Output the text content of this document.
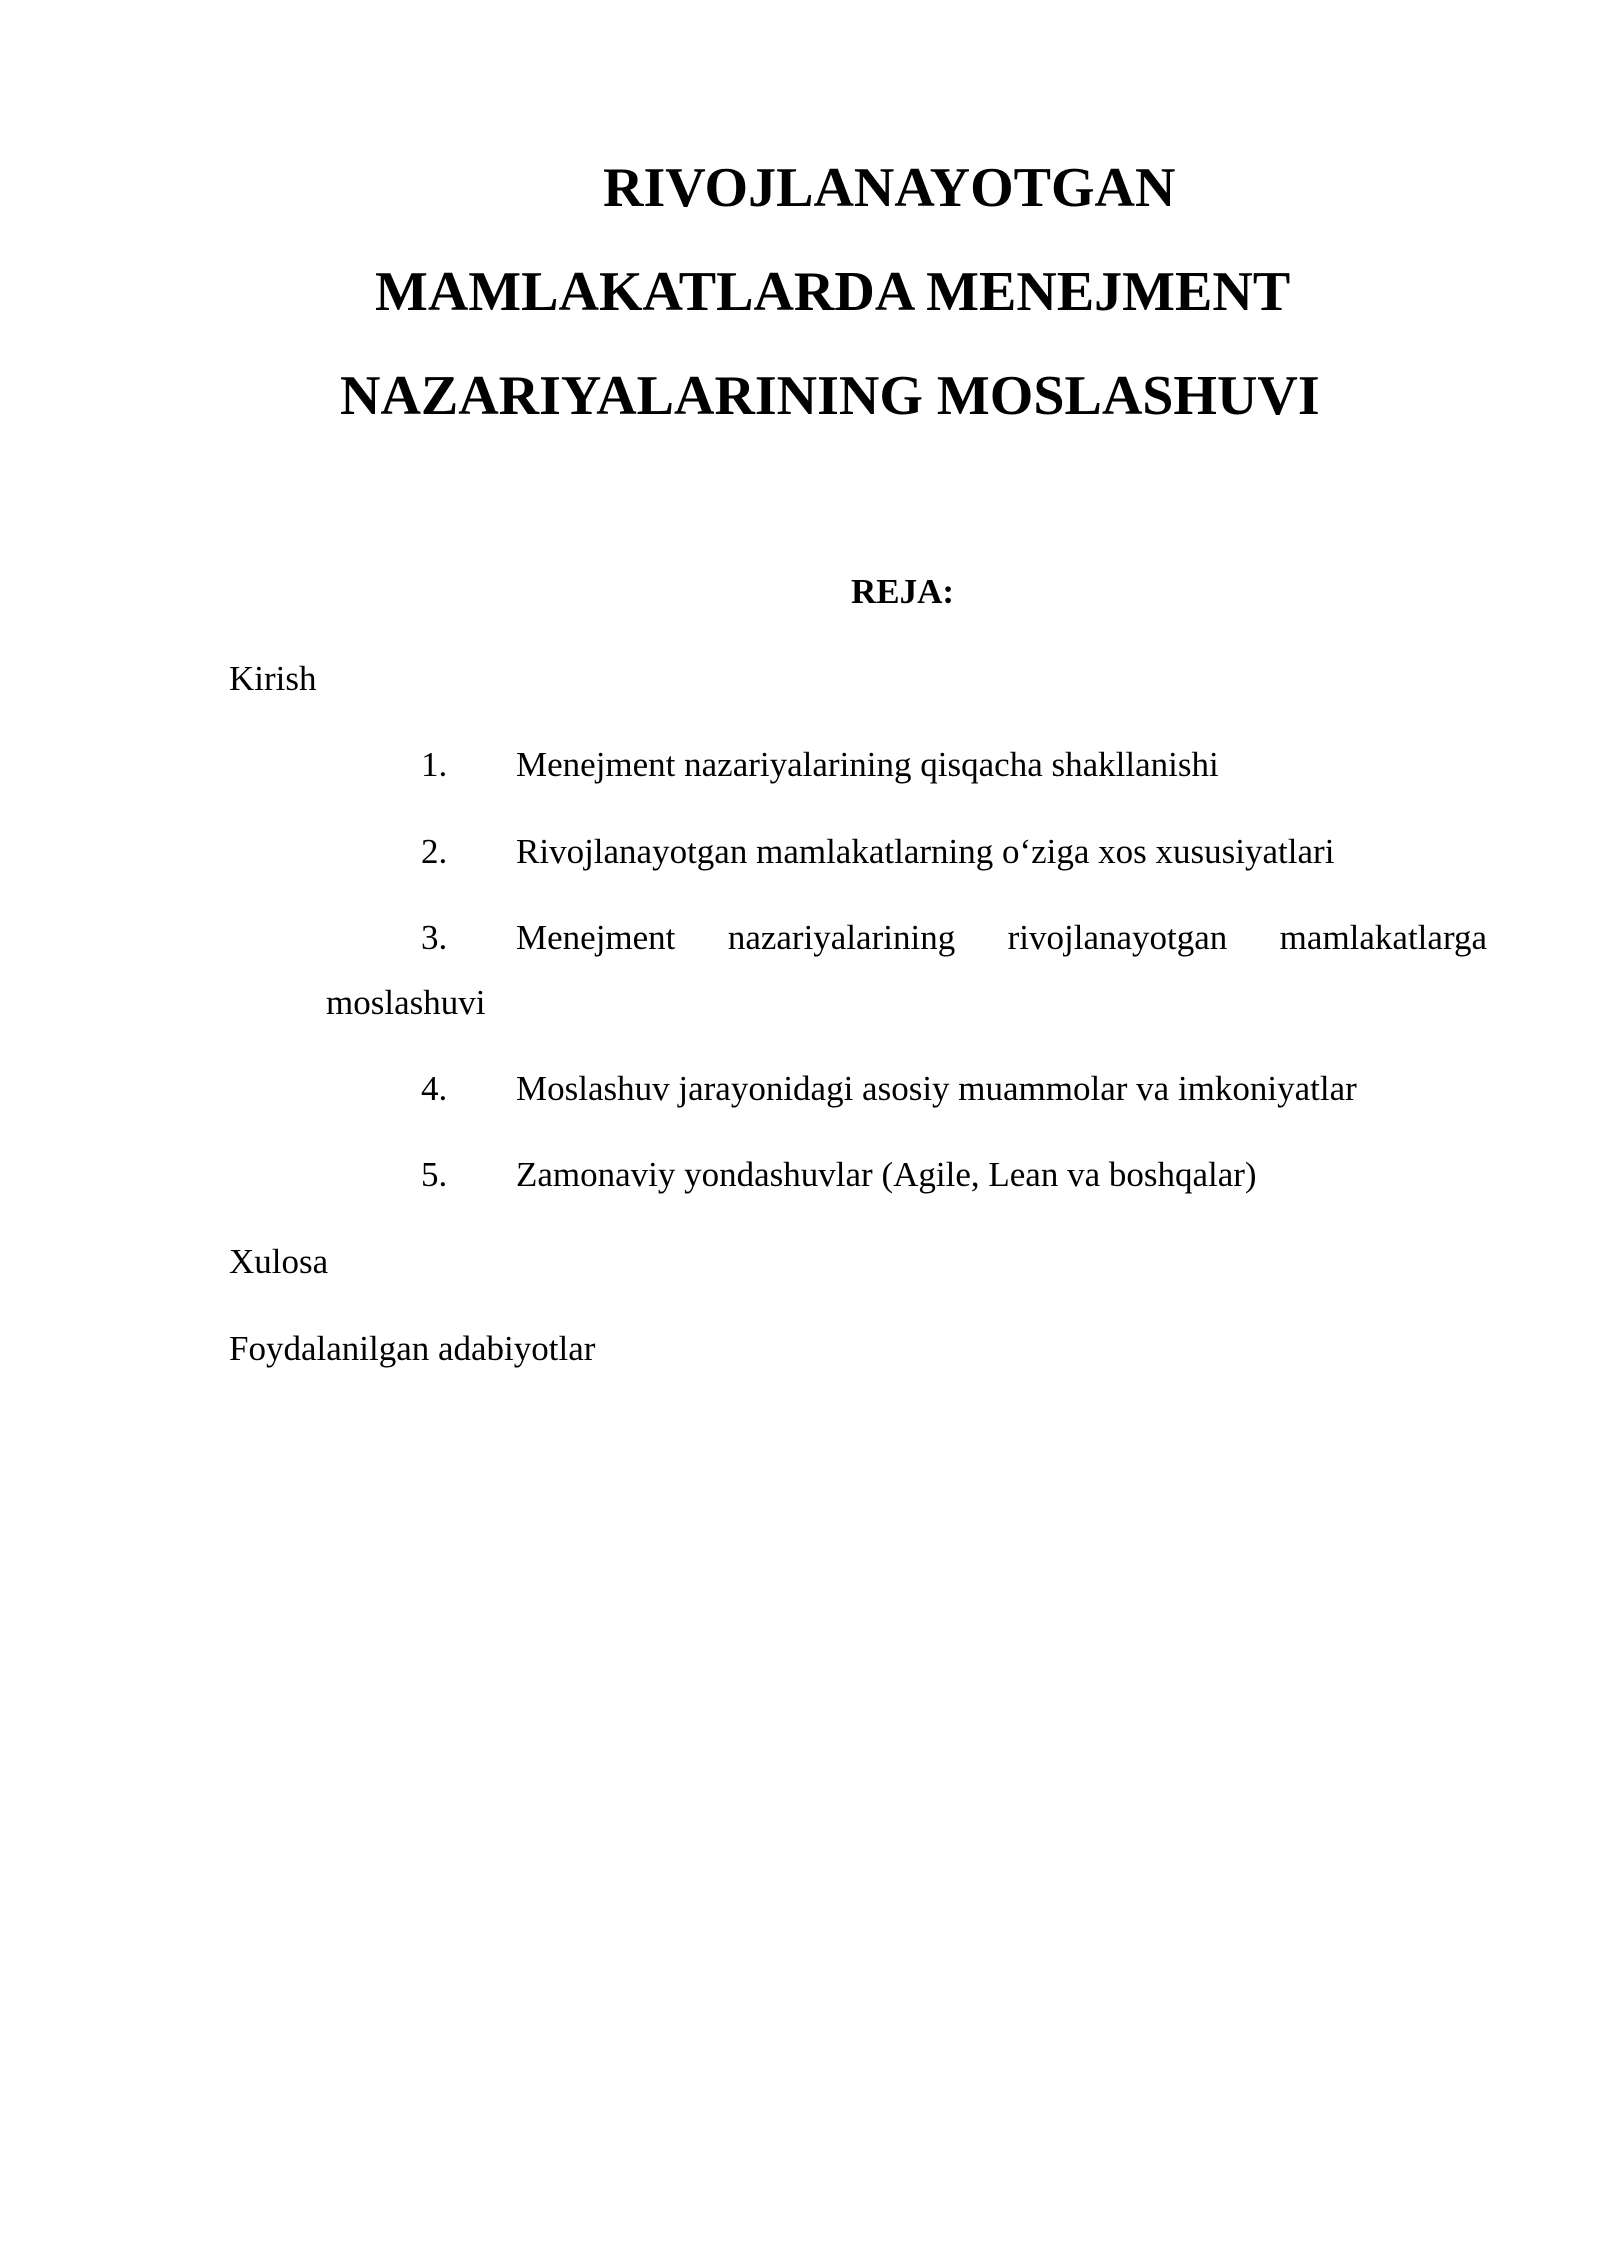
RIVOJLANAYOTGAN
MAMLAKATLARDA MENEJMENT
NAZARIYALARINING MOSLASHUVI
REJA:
Kirish
1. Menejment nazariyalarining qisqacha shakllanishi
2. Rivojlanayotgan mamlakatlarning o‘ziga xos xususiyatlari
3. Menejment nazariyalarining rivojlanayotgan mamlakatlarga
moslashuvi
4. Moslashuv jarayonidagi asosiy muammolar va imkoniyatlar
5. Zamonaviy yondashuvlar (Agile, Lean va boshqalar)
Xulosa
Foydalanilgan adabiyotlar
